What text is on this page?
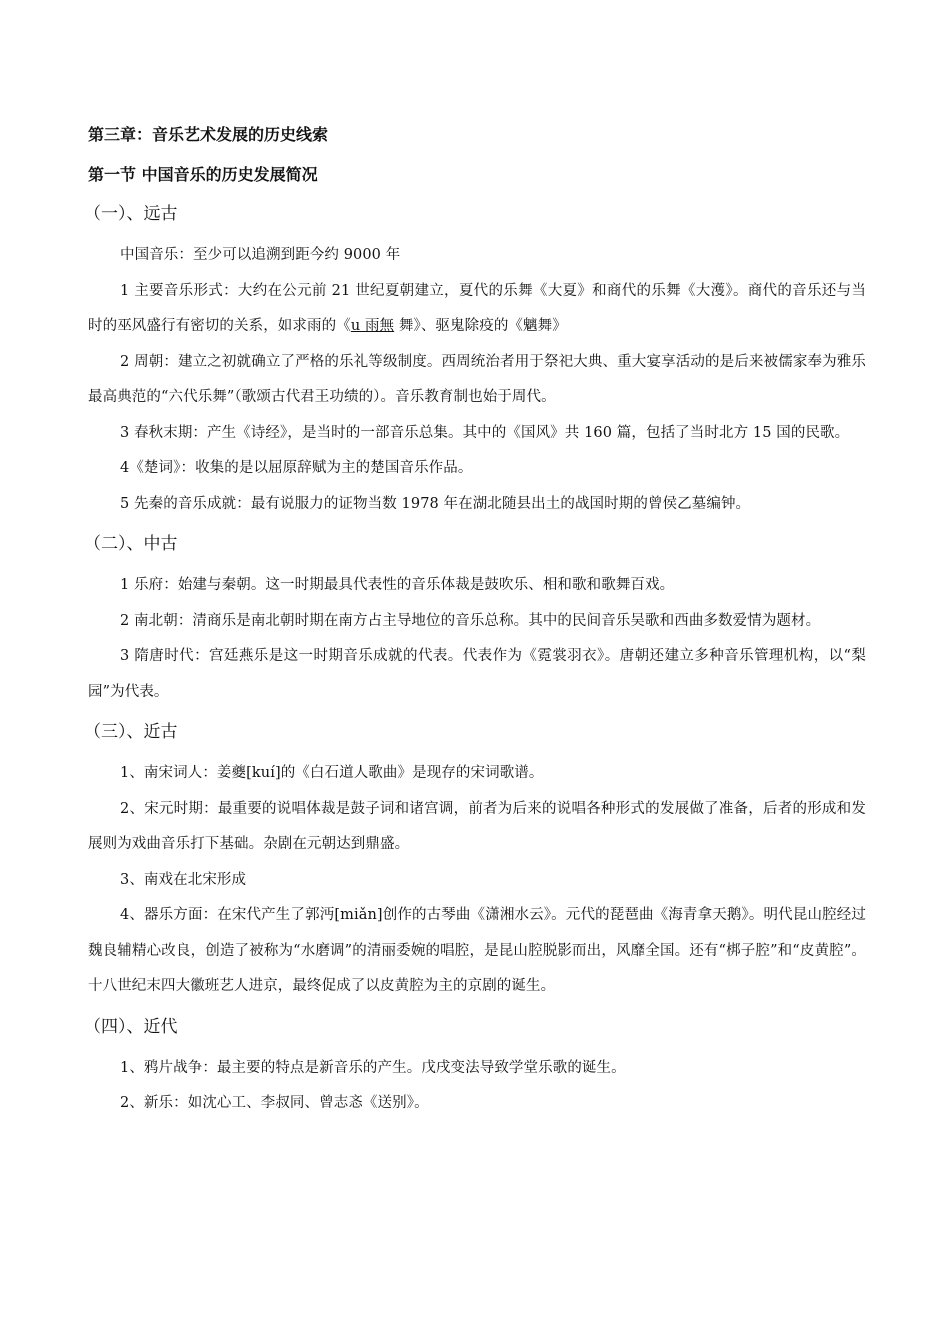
第三章：音乐艺术发展的历史线索
第一节 中国音乐的历史发展简况
（一）、远古

中国音乐：至少可以追溯到距今约 9000 年

1 主要音乐形式：大约在公元前 21 世纪夏朝建立，夏代的乐舞《大夏》和商代的乐舞《大濩》。商代的音乐还与当时的巫风盛行有密切的关系，如求雨的《u 雨無 舞》、驱鬼除疫的《魑舞》

2 周朝：建立之初就确立了严格的乐礼等级制度。西周统治者用于祭祀大典、重大宴享活动的是后来被儒家奉为雅乐最高典范的“六代乐舞”（歌颂古代君王功绩的）。音乐教育制也始于周代。

3 春秋末期：产生《诗经》，是当时的一部音乐总集。其中的《国风》共 160 篇，包括了当时北方 15 国的民歌。

4《楚词》：收集的是以屈原辞赋为主的楚国音乐作品。

5 先秦的音乐成就：最有说服力的证物当数 1978 年在湖北随县出土的战国时期的曾侯乙墓编钟。

（二）、中古

1 乐府：始建与秦朝。这一时期最具代表性的音乐体裁是鼓吹乐、相和歌和歌舞百戏。

2 南北朝：清商乐是南北朝时期在南方占主导地位的音乐总称。其中的民间音乐吴歌和西曲多数爱情为题材。

3 隋唐时代：宫廷燕乐是这一时期音乐成就的代表。代表作为《霓裳羽衣》。唐朝还建立多种音乐管理机构，以“梨园”为代表。

（三）、近古

1、南宋词人：姜夔[kuí]的《白石道人歌曲》是现存的宋词歌谱。

2、宋元时期：最重要的说唱体裁是鼓子词和诸宫调，前者为后来的说唱各种形式的发展做了准备，后者的形成和发展则为戏曲音乐打下基础。杂剧在元朝达到鼎盛。

3、南戏在北宋形成

4、器乐方面：在宋代产生了郭沔[miǎn]创作的古琴曲《潇湘水云》。元代的琵琶曲《海青拿天鹅》。明代昆山腔经过魏良辅精心改良，创造了被称为“水磨调”的清丽委婉的唱腔，是昆山腔脱影而出，风靡全国。还有“梆子腔”和“皮黄腔”。十八世纪末四大徽班艺人进京，最终促成了以皮黄腔为主的京剧的诞生。

（四）、近代

1、鸦片战争：最主要的特点是新音乐的产生。戊戌变法导致学堂乐歌的诞生。

2、新乐：如沈心工、李叔同、曾志忞《送别》。
